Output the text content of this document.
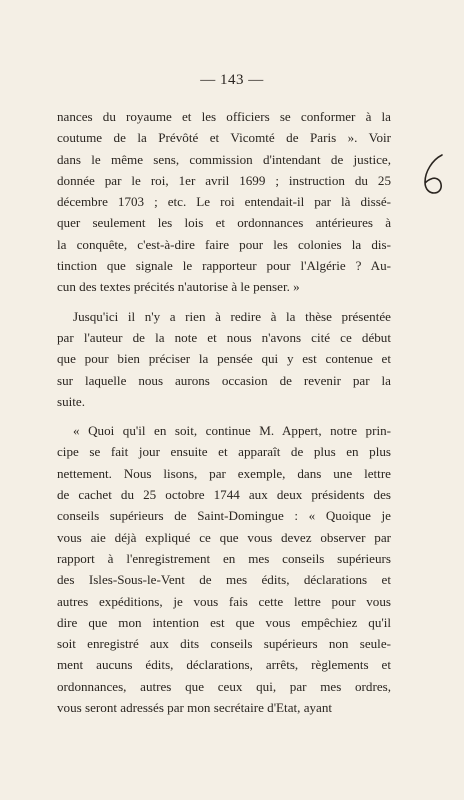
— 143 —
nances du royaume et les officiers se conformer à la
coutume de la Prévôté et Vicomté de Paris ». Voir
dans le même sens, commission d'intendant de justice,
donnée par le roi, 1er avril 1699 ; instruction du 25
décembre 1703 ; etc. Le roi entendait-il par là dissé-
quer seulement les lois et ordonnances antérieures à
la conquête, c'est-à-dire faire pour les colonies la dis-
tinction que signale le rapporteur pour l'Algérie ? Au-
cun des textes précités n'autorise à le penser. »
Jusqu'ici il n'y a rien à redire à la thèse présentée
par l'auteur de la note et nous n'avons cité ce début
que pour bien préciser la pensée qui y est contenue et
sur laquelle nous aurons occasion de revenir par la
suite.
« Quoi qu'il en soit, continue M. Appert, notre prin-
cipe se fait jour ensuite et apparaît de plus en plus
nettement. Nous lisons, par exemple, dans une lettre
de cachet du 25 octobre 1744 aux deux présidents des
conseils supérieurs de Saint-Domingue : « Quoique je
vous aie déjà expliqué ce que vous devez observer par
rapport à l'enregistrement en mes conseils supérieurs
des Isles-Sous-le-Vent de mes édits, déclarations et
autres expéditions, je vous fais cette lettre pour vous
dire que mon intention est que vous empêchiez qu'il
soit enregistré aux dits conseils supérieurs non seule-
ment aucuns édits, déclarations, arrêts, règlements et
ordonnances, autres que ceux qui, par mes ordres,
vous seront adressés par mon secrétaire d'Etat, ayant
